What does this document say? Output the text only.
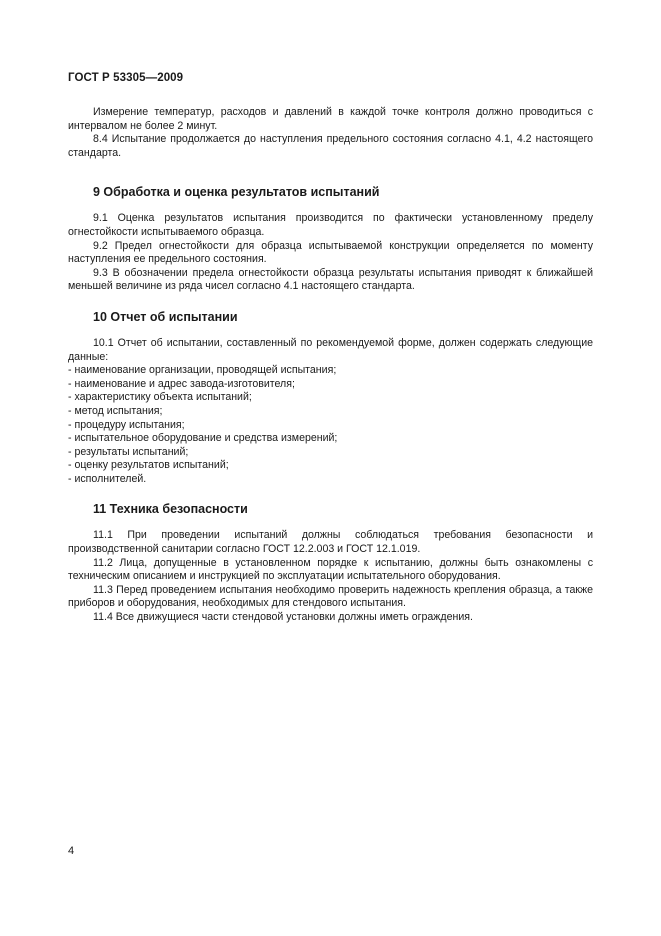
ГОСТ Р 53305—2009

Измерение температур, расходов и давлений в каждой точке контроля должно проводиться с интервалом не более 2 минут.

8.4 Испытание продолжается до наступления предельного состояния согласно 4.1, 4.2 настоящего стандарта.

9 Обработка и оценка результатов испытаний

9.1 Оценка результатов испытания производится по фактически установленному пределу огнестойкости испытываемого образца.

9.2 Предел огнестойкости для образца испытываемой конструкции определяется по моменту наступления ее предельного состояния.

9.3 В обозначении предела огнестойкости образца результаты испытания приводят к ближайшей меньшей величине из ряда чисел согласно 4.1 настоящего стандарта.

10 Отчет об испытании

10.1 Отчет об испытании, составленный по рекомендуемой форме, должен содержать следующие данные:

- наименование организации, проводящей испытания;

- наименование и адрес завода-изготовителя;

- характеристику объекта испытаний;

- метод испытания;

- процедуру испытания;

- испытательное оборудование и средства измерений;

- результаты испытаний;

- оценку результатов испытаний;

- исполнителей.

11 Техника безопасности

11.1 При проведении испытаний должны соблюдаться требования безопасности и производственной санитарии согласно ГОСТ 12.2.003 и ГОСТ 12.1.019.

11.2 Лица, допущенные в установленном порядке к испытанию, должны быть ознакомлены с техническим описанием и инструкцией по эксплуатации испытательного оборудования.

11.3 Перед проведением испытания необходимо проверить надежность крепления образца, а также приборов и оборудования, необходимых для стендового испытания.

11.4 Все движущиеся части стендовой установки должны иметь ограждения.

4
